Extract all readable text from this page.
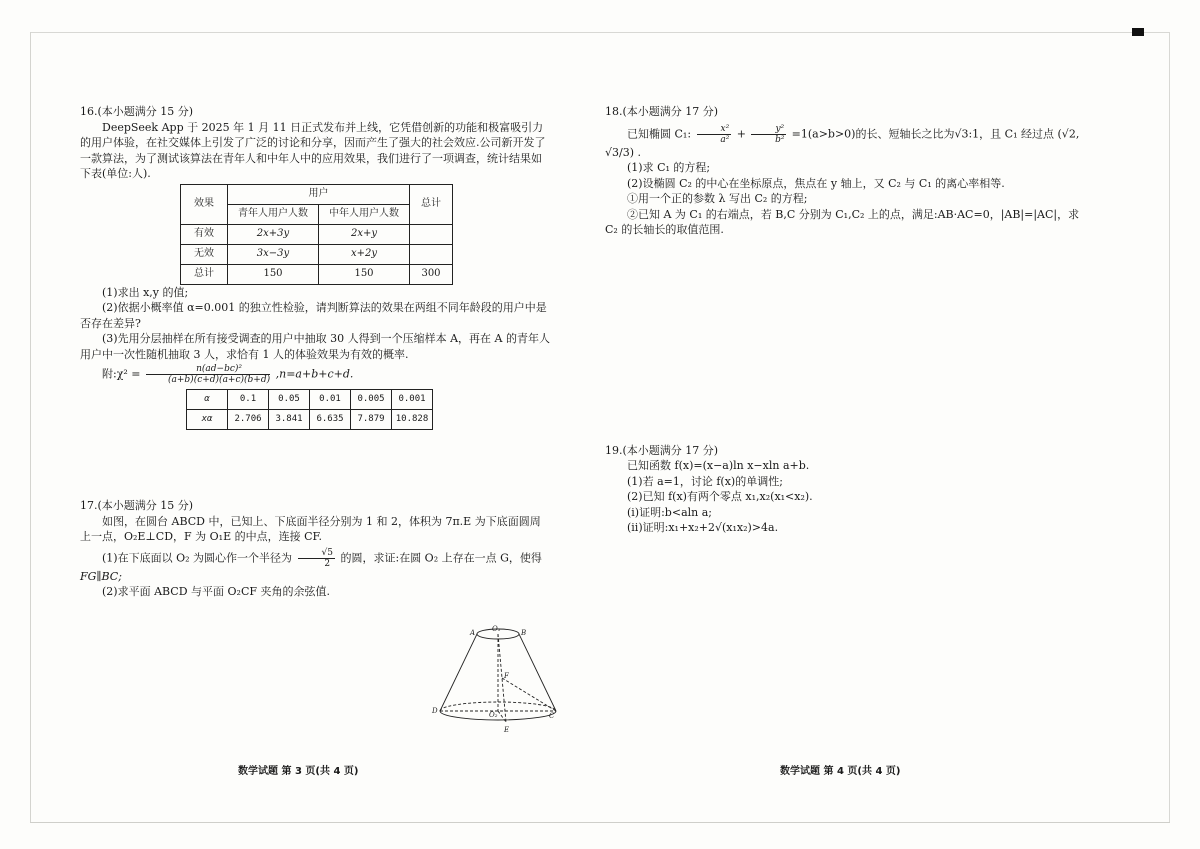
16.(本小题满分 15 分)

DeepSeek App 于 2025 年 1 月 11 日正式发布并上线，它凭借创新的功能和极富吸引力的用户体验，在社交媒体上引发了广泛的讨论和分享，因而产生了强大的社会效应.公司新开发了一款算法，为了测试该算法在青年人和中年人中的应用效果，我们进行了一项调查，统计结果如下表(单位:人).

效果	用户		总计
	青年人用户人数	中年人用户人数	
有效	2x+3y	2x+y	
无效	3x−3y	x+2y	
总计	150	150	300

(1)求出 x,y 的值;

(2)依据小概率值 α=0.001 的独立性检验，请判断算法的效果在两组不同年龄段的用户中是否存在差异?

(3)先用分层抽样在所有接受调查的用户中抽取 30 人得到一个压缩样本 A，再在 A 的青年人用户中一次性随机抽取 3 人，求恰有 1 人的体验效果为有效的概率.

附:χ² = $\frac{\text{n(ad−bc)²}}{(a+b)(c+d)(a+c)(b+d)} ,n=a+b+c+d$.

α	0.1	0.05	0.01	0.005	0.001
xα	2.706	3.841	6.635	7.879	10.828
17.(本小题满分 15 分)

如图，在圆台 ABCD 中，已知上、下底面半径分别为 1 和 2，体积为 7π.E 为下底面圆周上一点，O₂E⊥CD，F 为 O₁E 的中点，连接 CF.

(1)在下底面以 O₂ 为圆心作一个半径为 $\frac{√5}{2}$ 的圆，求证:在圆 O₂ 上存在一点 G，使得

FG∥BC;

(2)求平面 ABCD 与平面 O₂CF 夹角的余弦值.

A	B
O₁
D
C
O₂
E
F
18.(本小题满分 17 分)

已知椭圆 C₁: $\frac{\text{x²}}{\text{a²}} + \frac{\text{y²}}{\text{b²}} =1(a>b>0)$的长、短轴长之比为√3:1，且 C₁ 经过点 (√2, √3/3) .

(1)求 C₁ 的方程;

(2)设椭圆 C₂ 的中心在坐标原点，焦点在 y 轴上，又 C₂ 与 C₁ 的离心率相等.

①用一个正的参数 λ 写出 C₂ 的方程;

②已知 A 为 C₁ 的右端点，若 B,C 分别为 C₁,C₂ 上的点，满足:AB·AC=0，|AB|=|AC|，求 C₂ 的长轴长的取值范围.

19.(本小题满分 17 分)

已知函数 f(x)=(x−a)ln x−xln a+b.

(1)若 a=1，讨论 f(x)的单调性;

(2)已知 f(x)有两个零点 x₁,x₂(x₁<x₂).

(ⅰ)证明:b<aln a;

(ⅱ)证明:x₁+x₂+2√(x₁x₂)>4a.

数学试题 第 3 页(共 4 页)	数学试题 第 4 页(共 4 页)
